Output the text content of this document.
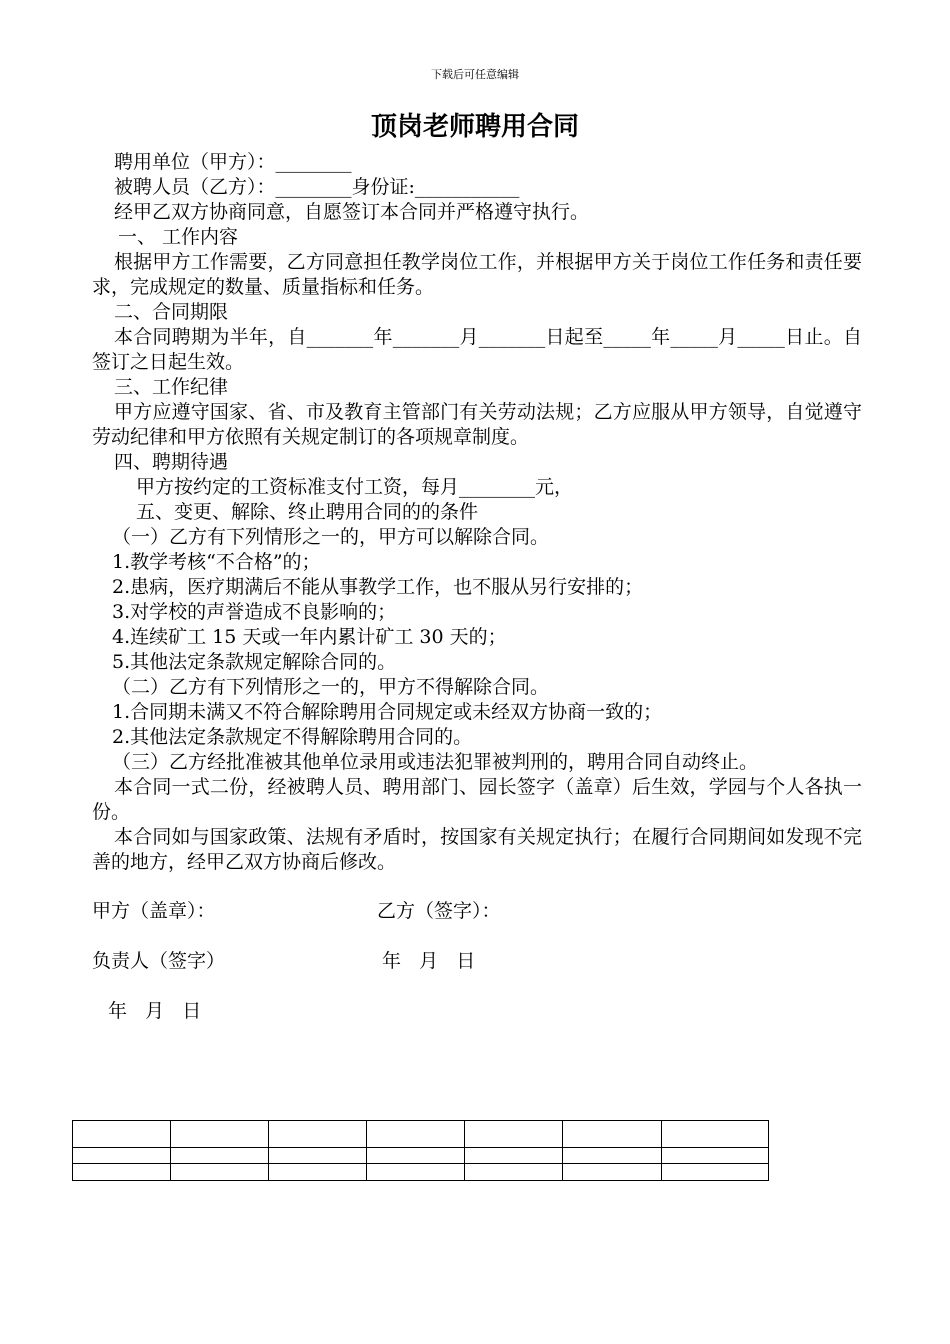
下载后可任意编辑
顶岗老师聘用合同

聘用单位（甲方）：________

被聘人员（乙方）：________身份证:___________

经甲乙双方协商同意，自愿签订本合同并严格遵守执行。

一、 工作内容

根据甲方工作需要，乙方同意担任教学岗位工作，并根据甲方关于岗位工作任务和责任要求，完成规定的数量、质量指标和任务。

二、合同期限

本合同聘期为半年，自_______年_______月_______日起至_____年_____月_____日止。自签订之日起生效。

三、工作纪律

甲方应遵守国家、省、市及教育主管部门有关劳动法规；乙方应服从甲方领导，自觉遵守劳动纪律和甲方依照有关规定制订的各项规章制度。

四、聘期待遇

甲方按约定的工资标准支付工资，每月________元，

五、变更、解除、终止聘用合同的的条件

（一）乙方有下列情形之一的，甲方可以解除合同。

1.教学考核“不合格”的；

2.患病，医疗期满后不能从事教学工作，也不服从另行安排的；

3.对学校的声誉造成不良影响的；

4.连续矿工 15 天或一年内累计矿工 30 天的；

5.其他法定条款规定解除合同的。

（二）乙方有下列情形之一的，甲方不得解除合同。

1.合同期未满又不符合解除聘用合同规定或未经双方协商一致的；

2.其他法定条款规定不得解除聘用合同的。

（三）乙方经批准被其他单位录用或违法犯罪被判刑的，聘用合同自动终止。

本合同一式二份，经被聘人员、聘用部门、园长签字（盖章）后生效，学园与个人各执一份。

本合同如与国家政策、法规有矛盾时，按国家有关规定执行；在履行合同期间如发现不完善的地方，经甲乙双方协商后修改。

甲方（盖章）：	乙方（签字）：
负责人（签字）	年   月   日
年   月   日
